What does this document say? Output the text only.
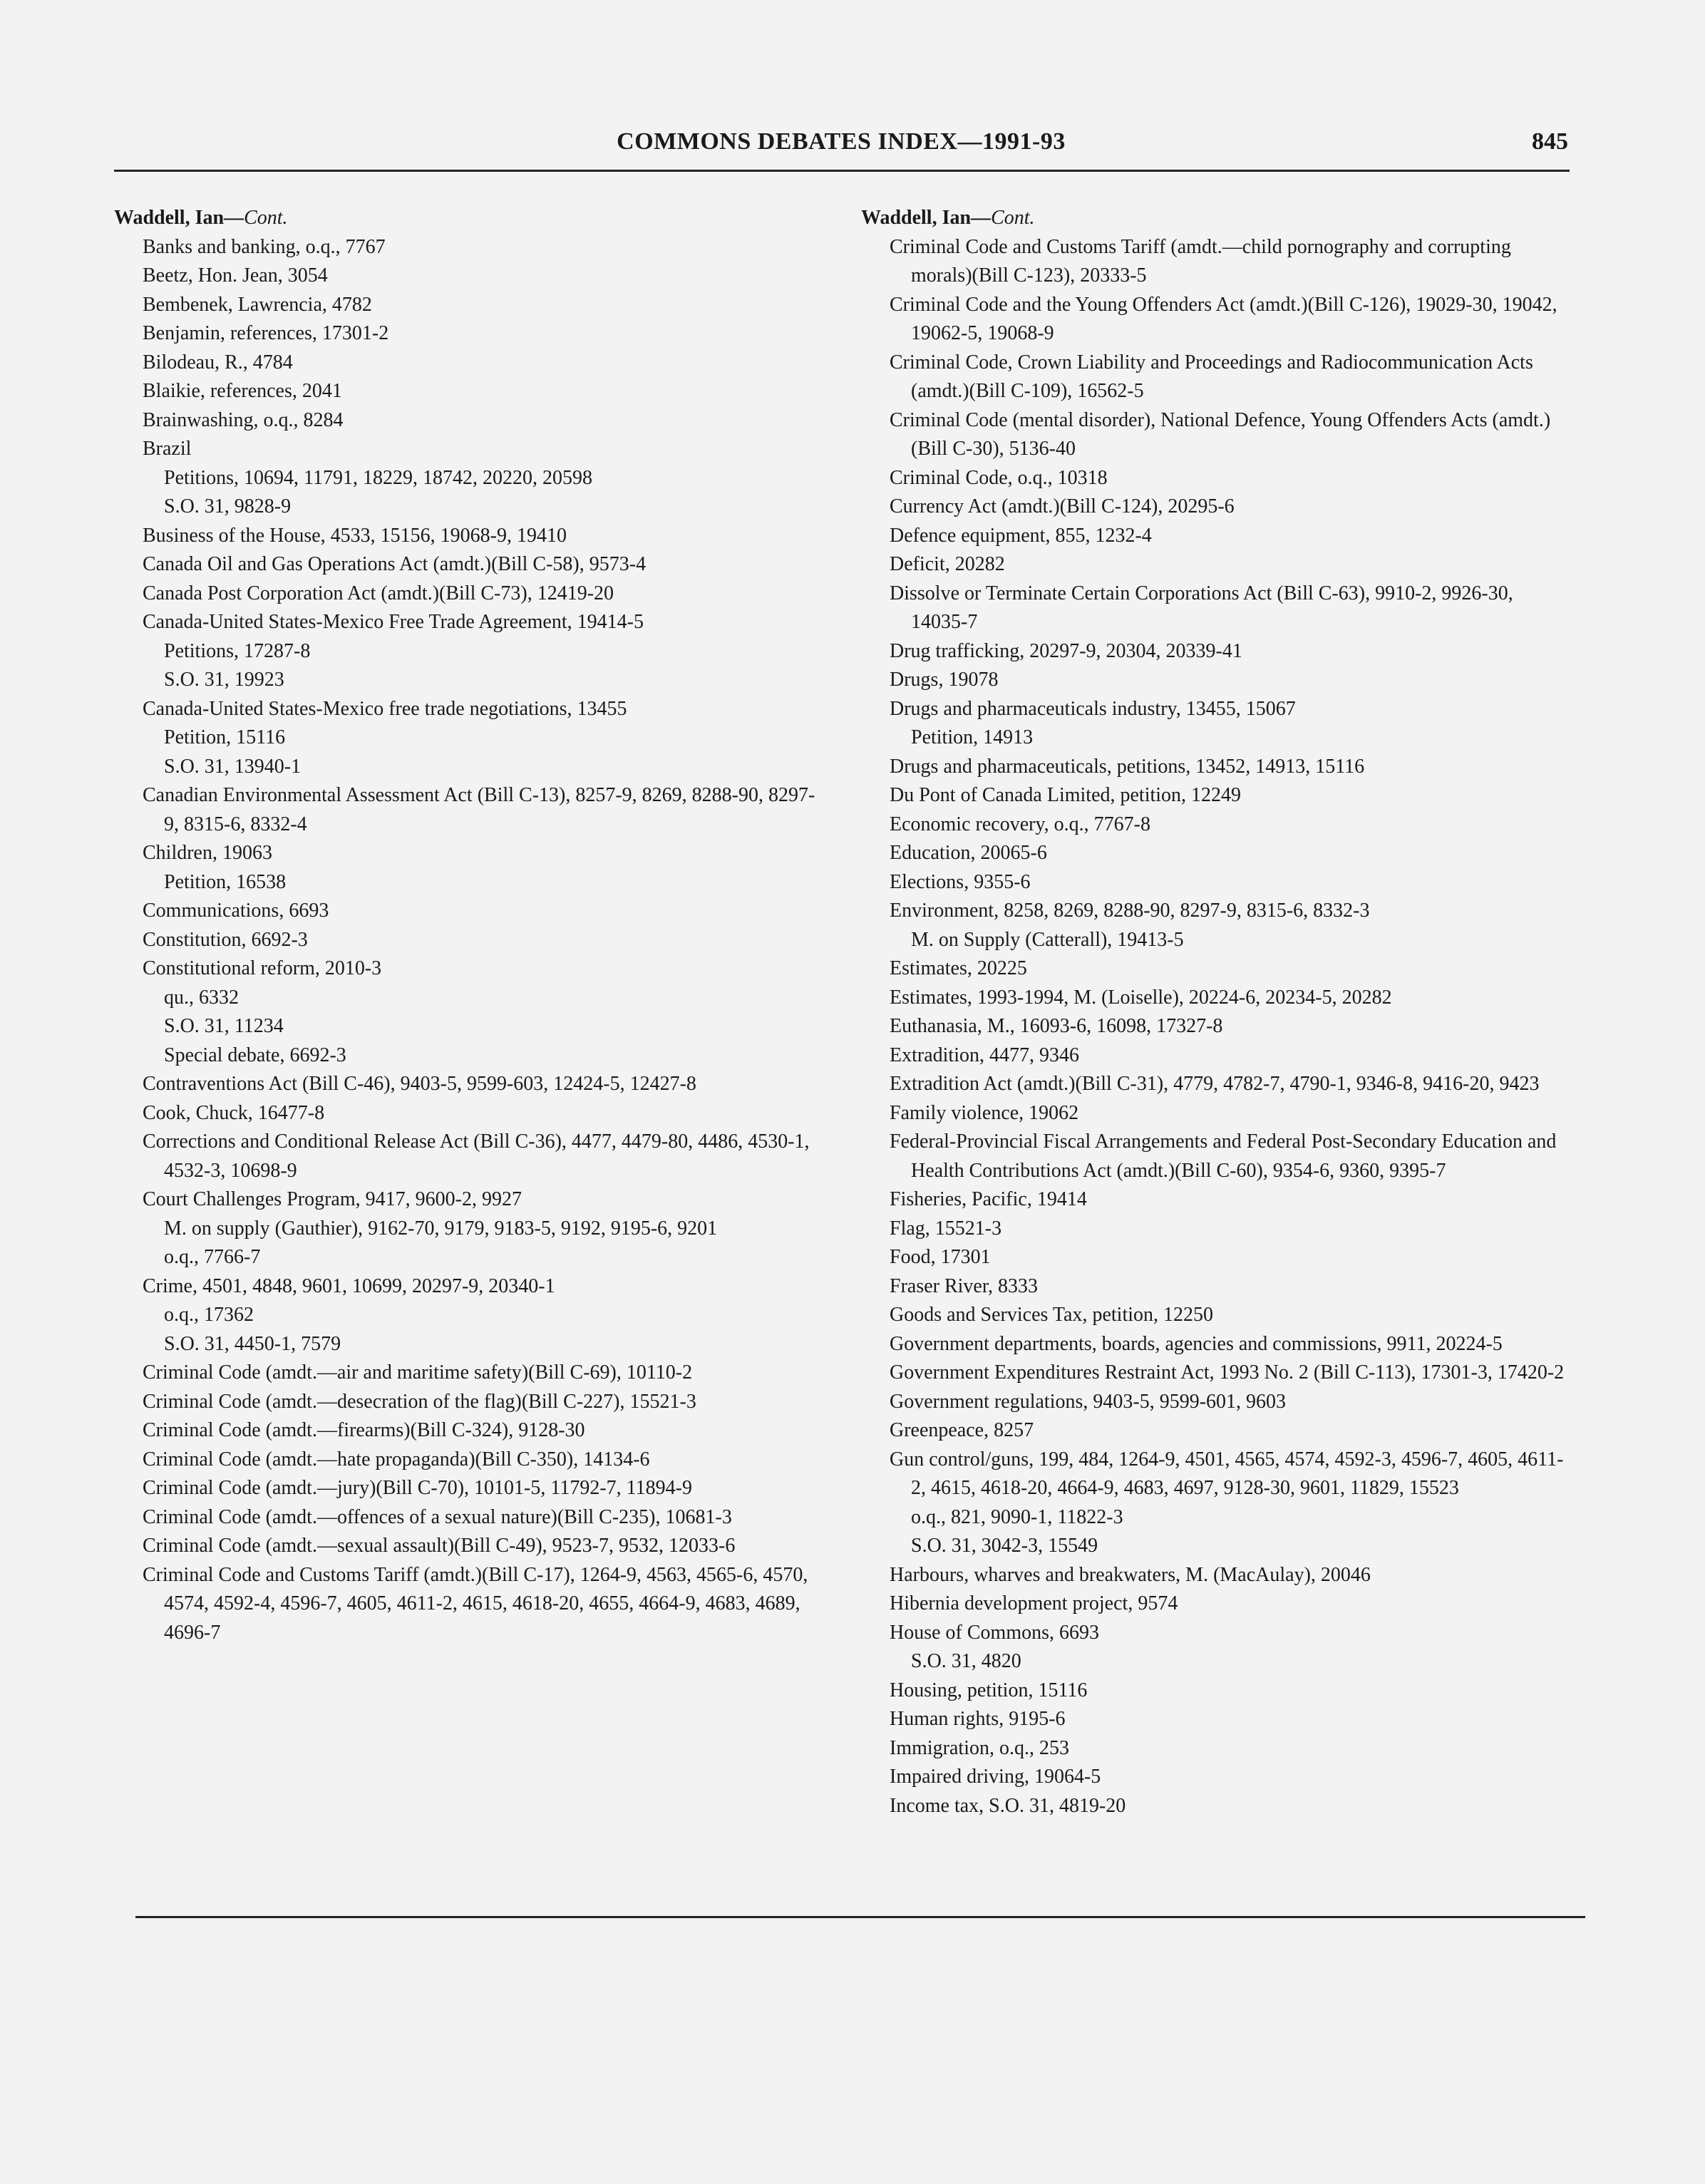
COMMONS DEBATES INDEX—1991-93	845
Waddell, Ian—Cont.
Banks and banking, o.q., 7767
Beetz, Hon. Jean, 3054
Bembenek, Lawrencia, 4782
Benjamin, references, 17301-2
Bilodeau, R., 4784
Blaikie, references, 2041
Brainwashing, o.q., 8284
Brazil
Petitions, 10694, 11791, 18229, 18742, 20220, 20598
S.O. 31, 9828-9
Business of the House, 4533, 15156, 19068-9, 19410
Canada Oil and Gas Operations Act (amdt.)(Bill C-58), 9573-4
Canada Post Corporation Act (amdt.)(Bill C-73), 12419-20
Canada-United States-Mexico Free Trade Agreement, 19414-5
Petitions, 17287-8
S.O. 31, 19923
Canada-United States-Mexico free trade negotiations, 13455
Petition, 15116
S.O. 31, 13940-1
Canadian Environmental Assessment Act (Bill C-13), 8257-9, 8269, 8288-90, 8297-9, 8315-6, 8332-4
Children, 19063
Petition, 16538
Communications, 6693
Constitution, 6692-3
Constitutional reform, 2010-3
qu., 6332
S.O. 31, 11234
Special debate, 6692-3
Contraventions Act (Bill C-46), 9403-5, 9599-603, 12424-5, 12427-8
Cook, Chuck, 16477-8
Corrections and Conditional Release Act (Bill C-36), 4477, 4479-80, 4486, 4530-1, 4532-3, 10698-9
Court Challenges Program, 9417, 9600-2, 9927
M. on supply (Gauthier), 9162-70, 9179, 9183-5, 9192, 9195-6, 9201
o.q., 7766-7
Crime, 4501, 4848, 9601, 10699, 20297-9, 20340-1
o.q., 17362
S.O. 31, 4450-1, 7579
Criminal Code (amdt.—air and maritime safety)(Bill C-69), 10110-2
Criminal Code (amdt.—desecration of the flag)(Bill C-227), 15521-3
Criminal Code (amdt.—firearms)(Bill C-324), 9128-30
Criminal Code (amdt.—hate propaganda)(Bill C-350), 14134-6
Criminal Code (amdt.—jury)(Bill C-70), 10101-5, 11792-7, 11894-9
Criminal Code (amdt.—offences of a sexual nature)(Bill C-235), 10681-3
Criminal Code (amdt.—sexual assault)(Bill C-49), 9523-7, 9532, 12033-6
Criminal Code and Customs Tariff (amdt.)(Bill C-17), 1264-9, 4563, 4565-6, 4570, 4574, 4592-4, 4596-7, 4605, 4611-2, 4615, 4618-20, 4655, 4664-9, 4683, 4689, 4696-7
Waddell, Ian—Cont.
Criminal Code and Customs Tariff (amdt.—child pornography and corrupting morals)(Bill C-123), 20333-5
Criminal Code and the Young Offenders Act (amdt.)(Bill C-126), 19029-30, 19042, 19062-5, 19068-9
Criminal Code, Crown Liability and Proceedings and Radiocommunication Acts (amdt.)(Bill C-109), 16562-5
Criminal Code (mental disorder), National Defence, Young Offenders Acts (amdt.)(Bill C-30), 5136-40
Criminal Code, o.q., 10318
Currency Act (amdt.)(Bill C-124), 20295-6
Defence equipment, 855, 1232-4
Deficit, 20282
Dissolve or Terminate Certain Corporations Act (Bill C-63), 9910-2, 9926-30, 14035-7
Drug trafficking, 20297-9, 20304, 20339-41
Drugs, 19078
Drugs and pharmaceuticals industry, 13455, 15067
Petition, 14913
Drugs and pharmaceuticals, petitions, 13452, 14913, 15116
Du Pont of Canada Limited, petition, 12249
Economic recovery, o.q., 7767-8
Education, 20065-6
Elections, 9355-6
Environment, 8258, 8269, 8288-90, 8297-9, 8315-6, 8332-3
M. on Supply (Catterall), 19413-5
Estimates, 20225
Estimates, 1993-1994, M. (Loiselle), 20224-6, 20234-5, 20282
Euthanasia, M., 16093-6, 16098, 17327-8
Extradition, 4477, 9346
Extradition Act (amdt.)(Bill C-31), 4779, 4782-7, 4790-1, 9346-8, 9416-20, 9423
Family violence, 19062
Federal-Provincial Fiscal Arrangements and Federal Post-Secondary Education and Health Contributions Act (amdt.)(Bill C-60), 9354-6, 9360, 9395-7
Fisheries, Pacific, 19414
Flag, 15521-3
Food, 17301
Fraser River, 8333
Goods and Services Tax, petition, 12250
Government departments, boards, agencies and commissions, 9911, 20224-5
Government Expenditures Restraint Act, 1993 No. 2 (Bill C-113), 17301-3, 17420-2
Government regulations, 9403-5, 9599-601, 9603
Greenpeace, 8257
Gun control/guns, 199, 484, 1264-9, 4501, 4565, 4574, 4592-3, 4596-7, 4605, 4611-2, 4615, 4618-20, 4664-9, 4683, 4697, 9128-30, 9601, 11829, 15523
o.q., 821, 9090-1, 11822-3
S.O. 31, 3042-3, 15549
Harbours, wharves and breakwaters, M. (MacAulay), 20046
Hibernia development project, 9574
House of Commons, 6693
S.O. 31, 4820
Housing, petition, 15116
Human rights, 9195-6
Immigration, o.q., 253
Impaired driving, 19064-5
Income tax, S.O. 31, 4819-20
